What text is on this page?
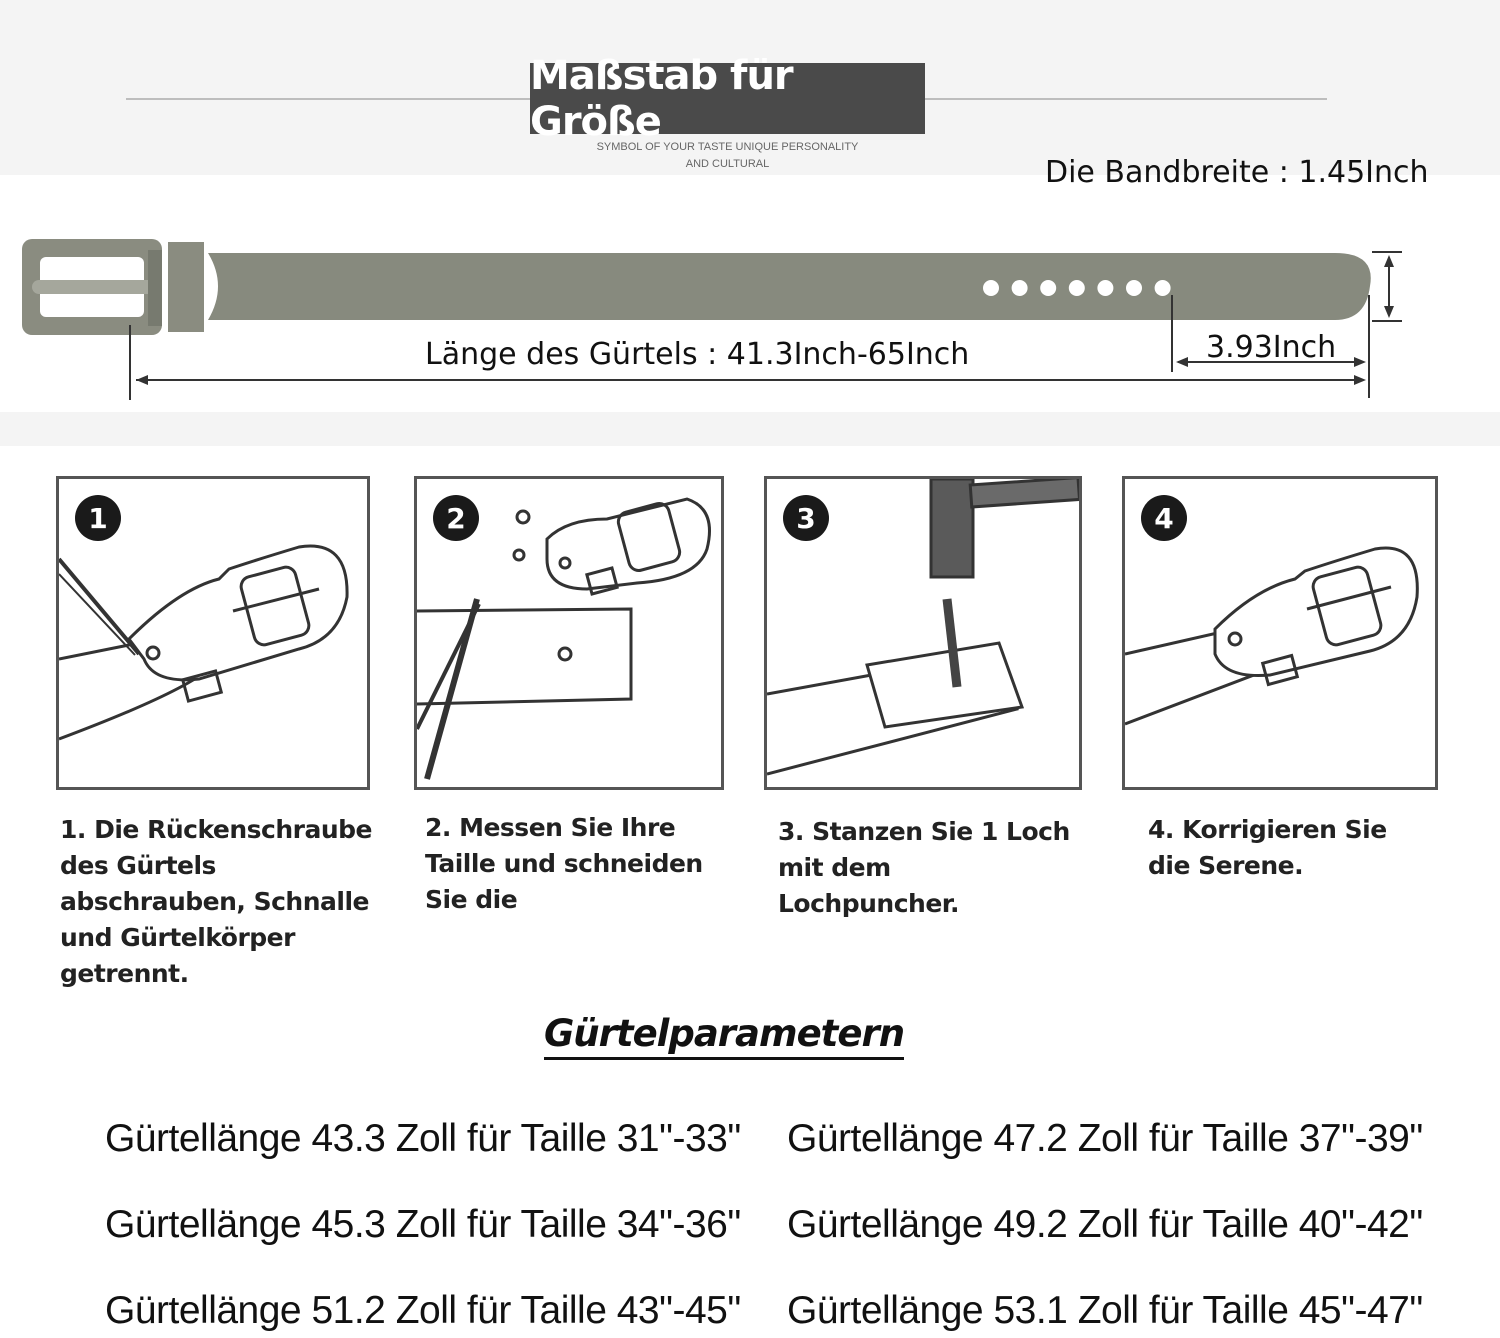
Maßstab für Größe
SYMBOL OF YOUR TASTE UNIQUE PERSONALITY
AND CULTURAL	Die Bandbreite : 1.45Inch
Länge des Gürtels : 41.3Inch-65Inch	3.93Inch
1	2	3	4
1. Die Rückenschraube des Gürtels abschrauben, Schnalle und Gürtelkörper getrennt.
2. Messen Sie Ihre Taille und schneiden Sie die
3. Stanzen Sie 1 Loch mit dem Lochpuncher.
4. Korrigieren Sie die Serene.
Gürtelparametern
Gürtellänge 43.3 Zoll für Taille 31"-33" Gürtellänge 47.2 Zoll für Taille 37"-39"
Gürtellänge 45.3 Zoll für Taille 34"-36" Gürtellänge 49.2 Zoll für Taille 40"-42"
Gürtellänge 51.2 Zoll für Taille 43"-45" Gürtellänge 53.1 Zoll für Taille 45"-47"
